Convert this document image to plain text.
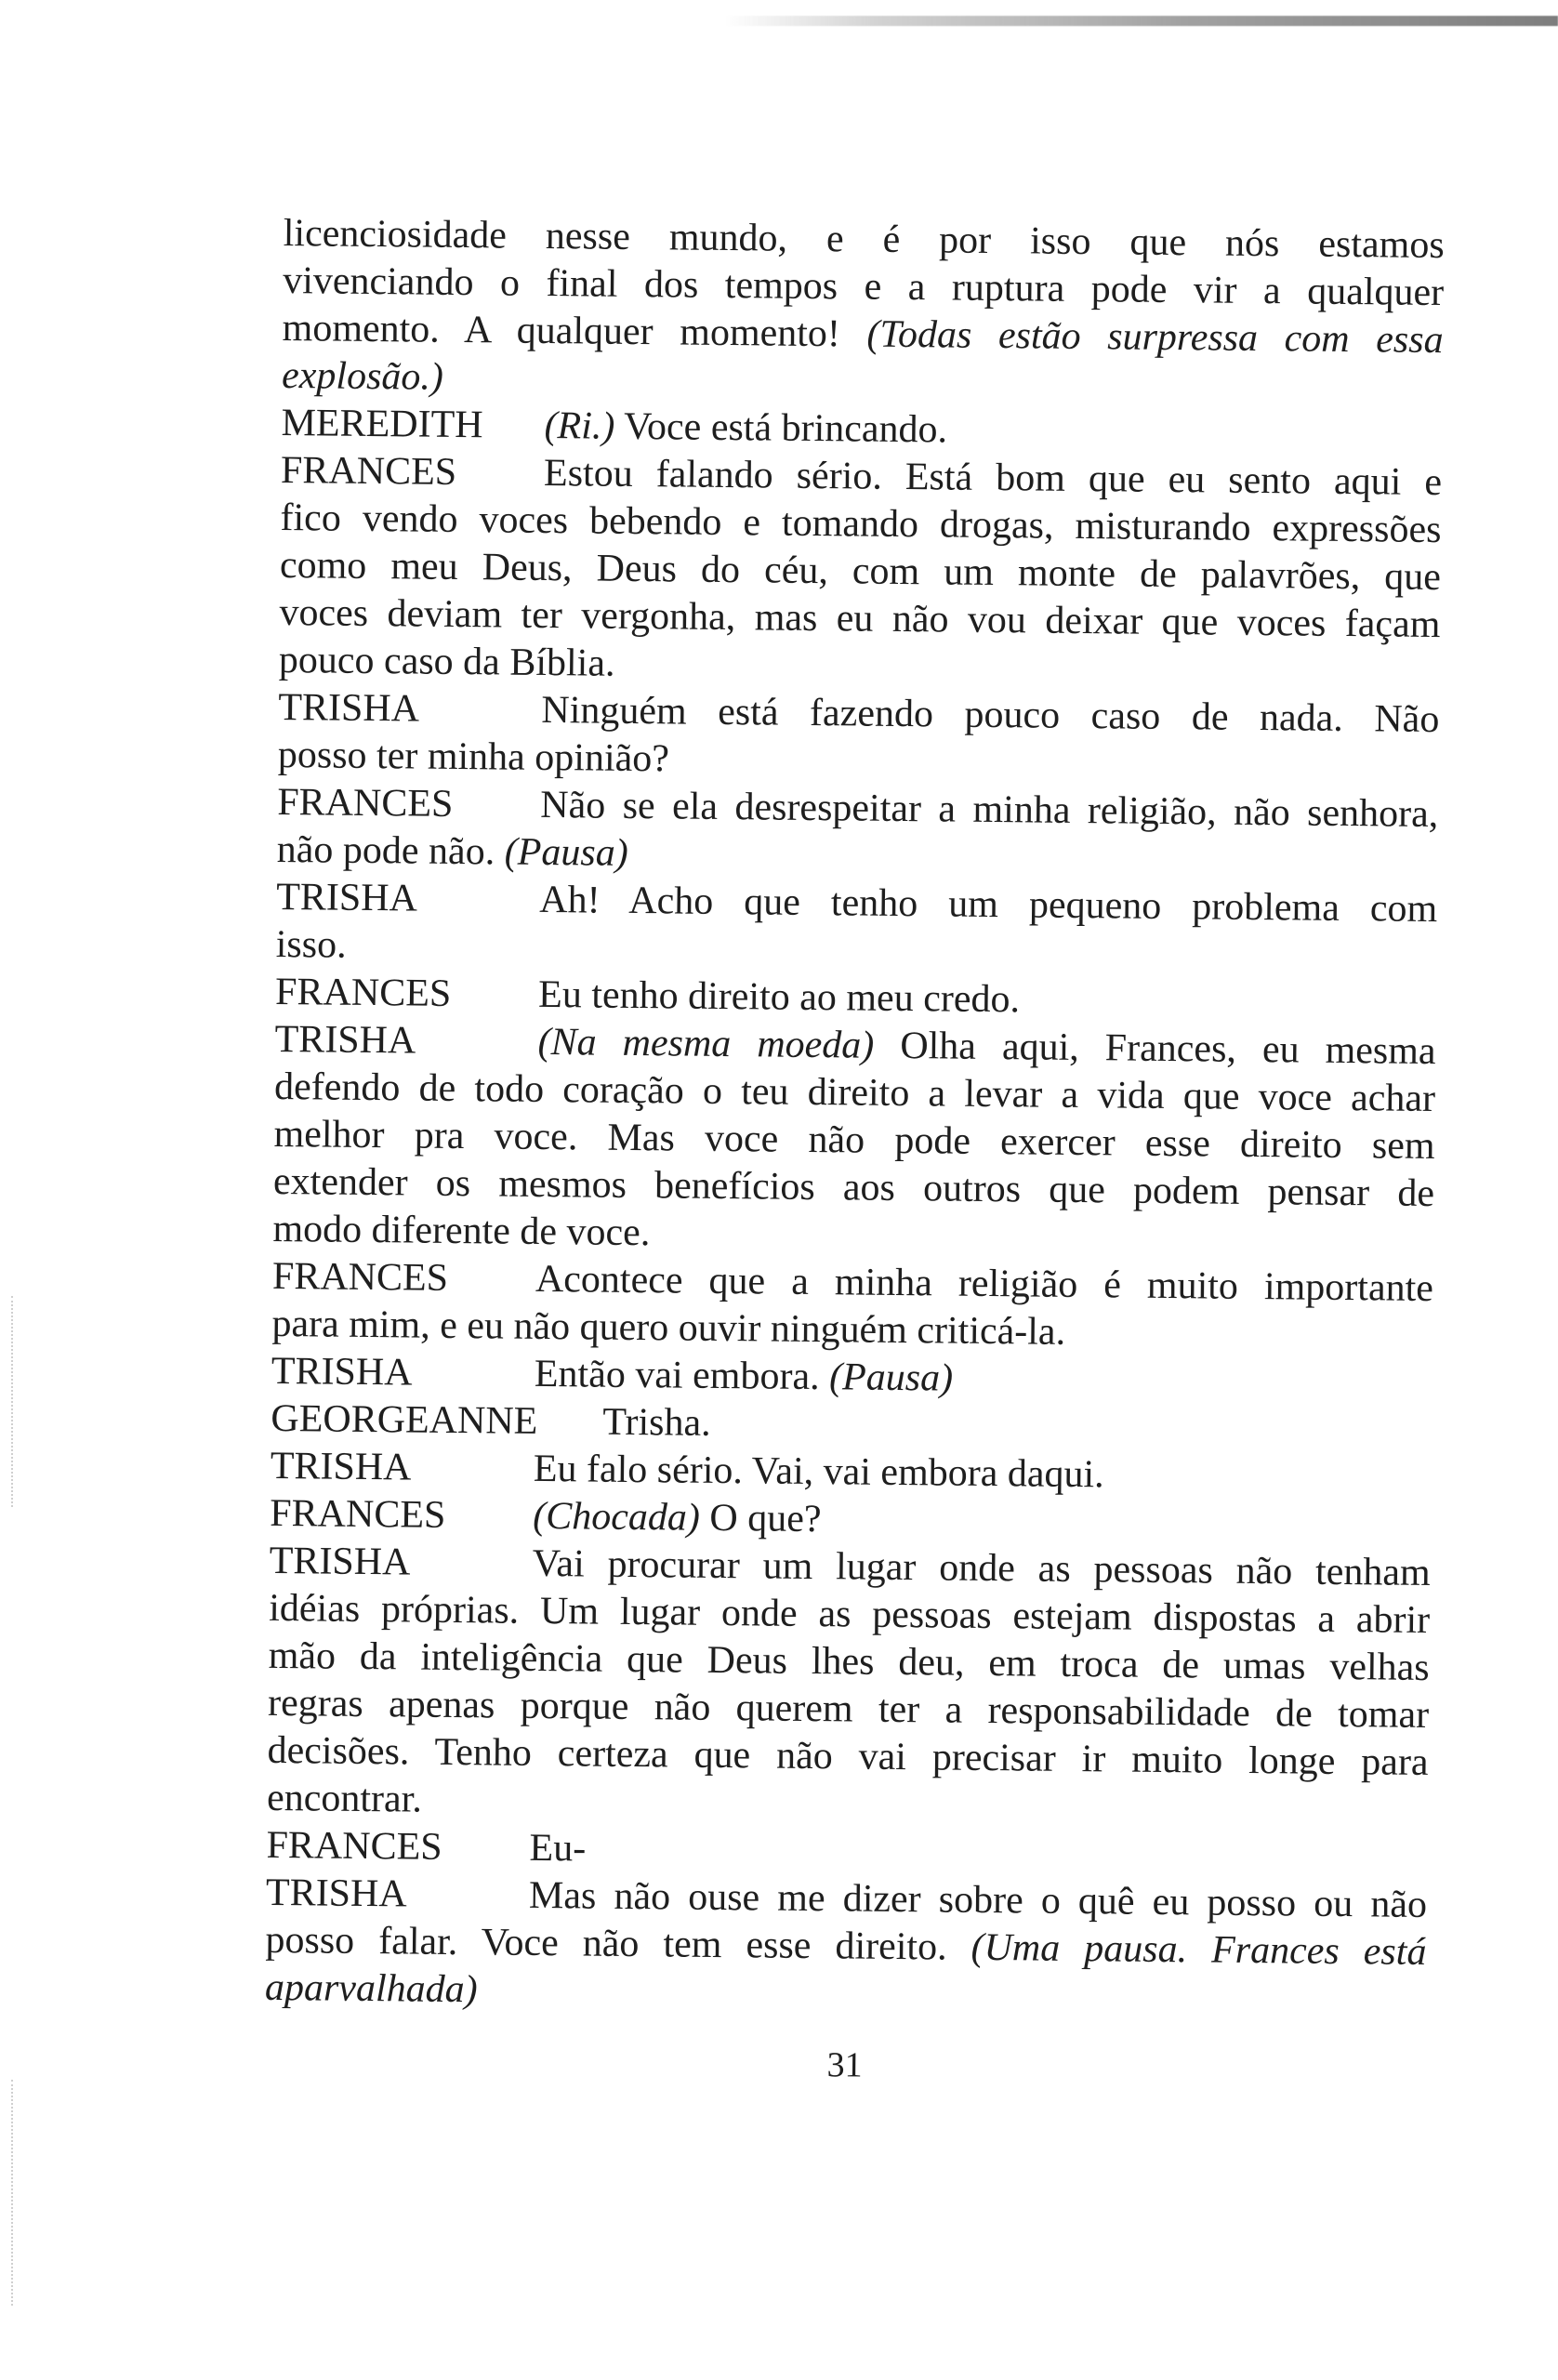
licenciosidade nesse mundo, e é por isso que nós estamos
vivenciando o final dos tempos e a ruptura pode vir a qualquer
momento. A qualquer momento! (Todas estão surpressa com essa
explosão.)
MEREDITH (Ri.) Voce está brincando.
FRANCES Estou falando sério. Está bom que eu sento aqui e
fico vendo voces bebendo e tomando drogas, misturando expressões
como meu Deus, Deus do céu, com um monte de palavrões, que
voces deviam ter vergonha, mas eu não vou deixar que voces façam
pouco caso da Bíblia.
TRISHA	Ninguém está fazendo pouco caso de nada. Não
posso ter minha opinião?
FRANCES Não se ela desrespeitar a minha religião, não senhora,
não pode não. (Pausa)
TRISHA	Ah! Acho que tenho um pequeno problema com
isso.
FRANCES Eu tenho direito ao meu credo.
TRISHA	(Na mesma moeda) Olha aqui, Frances, eu mesma
defendo de todo coração o teu direito a levar a vida que voce achar
melhor pra voce. Mas voce não pode exercer esse direito sem
extender os mesmos benefícios aos outros que podem pensar de
modo diferente de voce.
FRANCES Acontece que a minha religião é muito importante
para mim, e eu não quero ouvir ninguém criticá-la.
TRISHA	Então vai embora. (Pausa)
GEORGEANNE Trisha.
TRISHA	Eu falo sério. Vai, vai embora daqui.
FRANCES (Chocada) O que?
TRISHA	Vai procurar um lugar onde as pessoas não tenham
idéias próprias. Um lugar onde as pessoas estejam dispostas a abrir
mão da inteligência que Deus lhes deu, em troca de umas velhas
regras apenas porque não querem ter a responsabilidade de tomar
decisões. Tenho certeza que não vai precisar ir muito longe para
encontrar.
FRANCES Eu-
TRISHA	Mas não ouse me dizer sobre o quê eu posso ou não
posso falar. Voce não tem esse direito. (Uma pausa. Frances está
aparvalhada)
31
